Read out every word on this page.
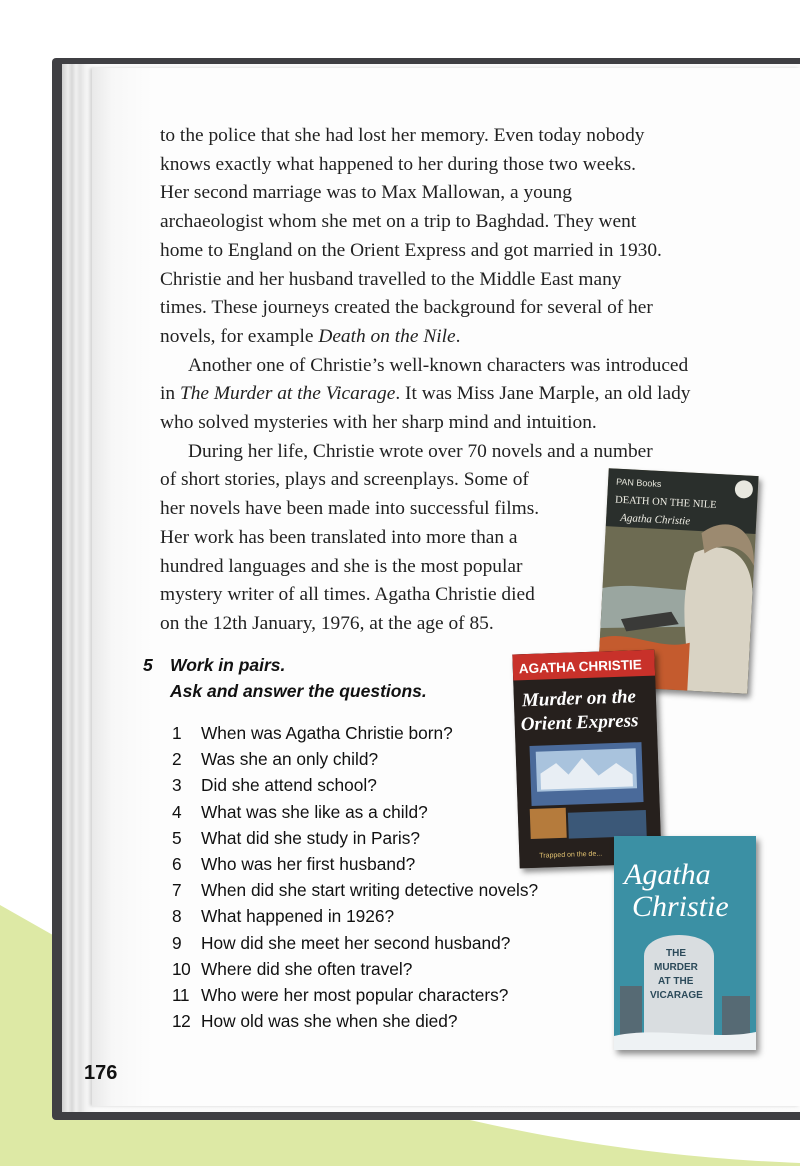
to the police that she had lost her memory. Even today nobody
knows exactly what happened to her during those two weeks.
Her second marriage was to Max Mallowan, a young
archaeologist whom she met on a trip to Baghdad. They went
home to England on the Orient Express and got married in 1930.
Christie and her husband travelled to the Middle East many
times. These journeys created the background for several of her
novels, for example Death on the Nile.

Another one of Christie’s well-known characters was introduced
in The Murder at the Vicarage. It was Miss Jane Marple, an old lady
who solved mysteries with her sharp mind and intuition.

During her life, Christie wrote over 70 novels and a number

of short stories, plays and screenplays. Some of
her novels have been made into successful films.
Her work has been translated into more than a
hundred languages and she is the most popular
mystery writer of all times. Agatha Christie died
on the 12th January, 1976, at the age of 85.

5 Work in pairs.
Ask and answer the questions.
1 When was Agatha Christie born?
2 Was she an only child?
3 Did she attend school?
4 What was she like as a child?
5 What did she study in Paris?
6 Who was her first husband?
7 When did she start writing detective novels?
8 What happened in 1926?
9 How did she meet her second husband?
10 Where did she often travel?
11 Who were her most popular characters?
12 How old was she when she died?
PAN Books
DEATH ON THE NILE
Agatha Christie
AGATHA CHRISTIE
Murder on the
Orient Express
Trapped on the de...
Agatha
Christie
THE
MURDER
AT THE
VICARAGE
176
